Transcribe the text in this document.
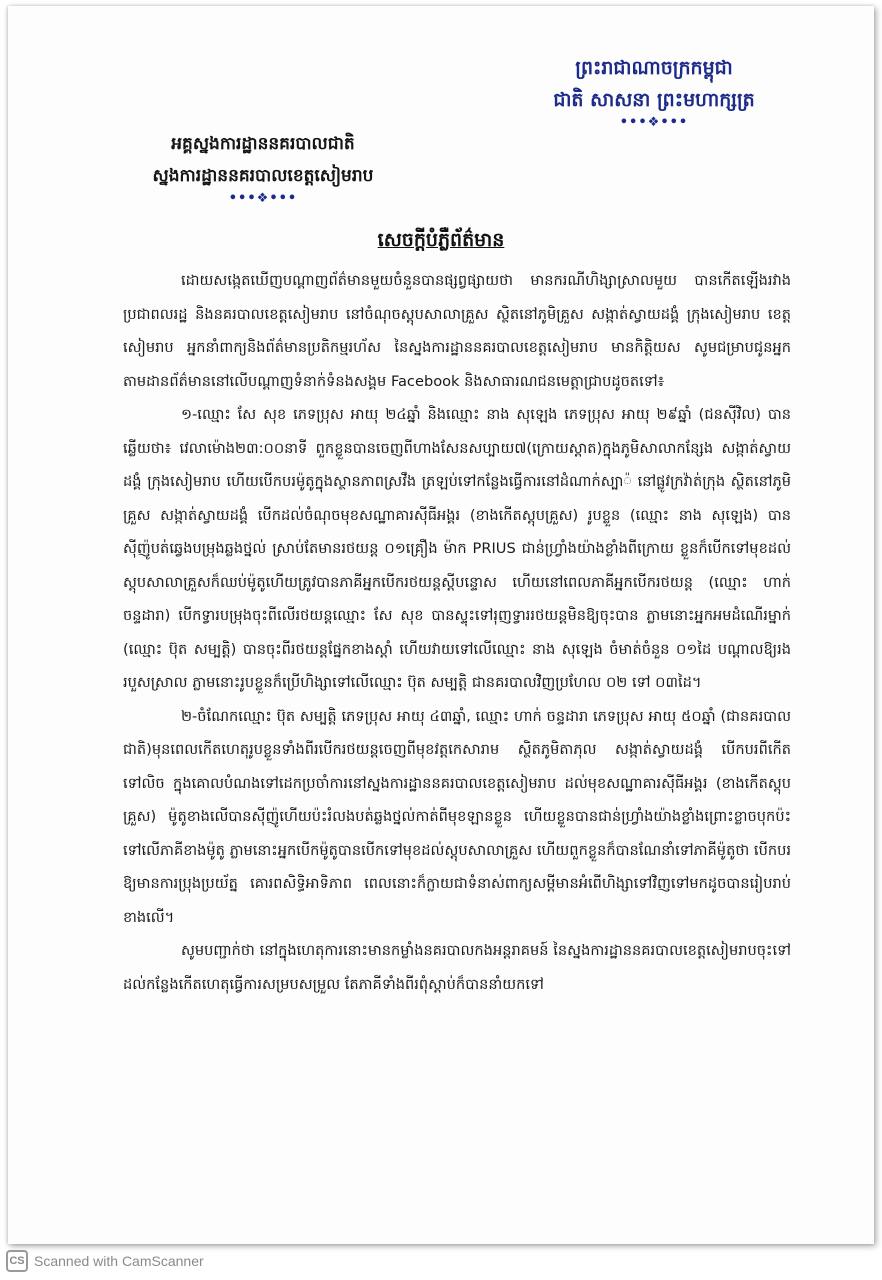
ព្រះរាជាណាចក្រកម្ពុជា
ជាតិ សាសនា ព្រះមហាក្សត្រ
•••❖•••
អគ្គស្នងការដ្ឋាននគរបាលជាតិ
ស្នងការដ្ឋាននគរបាលខេត្តសៀមរាប
•••❖•••
សេចក្ដីបំភ្លឺព័ត៌មាន

ដោយសង្កេតឃើញបណ្ដាញព័ត៌មានមួយចំនួនបានផ្សព្វផ្សាយថា មានករណីហិង្សាស្រាលមួយ បានកើតឡើងរវាងប្រជាពលរដ្ឋ និងនគរបាលខេត្តសៀមរាប នៅចំណុចស្តុបសាលាគ្រួស ស្ថិតនៅភូមិគ្រួស សង្កាត់ស្វាយដង្គំ ក្រុងសៀមរាប ខេត្តសៀមរាប អ្នកនាំពាក្យនិងព័ត៌មានប្រតិកម្មរហ័ស នៃស្នងការដ្ឋាននគរបាលខេត្តសៀមរាប មានកិត្តិយស សូមជម្រាបជូនអ្នកតាមដានព័ត៌មាននៅលើបណ្ដាញទំនាក់ទំនងសង្គម Facebook និងសាធារណជនមេត្តាជ្រាបដូចតទៅ៖

១-ឈ្មោះ សែ សុខ ភេទប្រុស អាយុ ២៤ឆ្នាំ និងឈ្មោះ នាង សុឡេង ភេទប្រុស អាយុ ២៩ឆ្នាំ (ជនស៊ីវិល) បានឆ្លើយថា៖ វេលាម៉ោង២៣:០០នាទី ពួកខ្លួនបានចេញពីហាងសែនសប្បាយ៧(ក្រោយស្តាត)ក្នុងភូមិសាលាកន្សែង សង្កាត់ស្វាយដង្គំ ក្រុងសៀមរាប ហើយបើកបរម៉ូតូក្នុងស្ថានភាពស្រវឹង ត្រឡប់ទៅកន្លែងធ្វើការនៅដំណាក់ស្បា៉ នៅផ្លូវក្រវ៉ាត់ក្រុង ស្ថិតនៅភូមិគ្រួស សង្កាត់ស្វាយដង្គំ បើកដល់ចំណុចមុខសណ្ឋាគារស៊ីធីអង្គរ (ខាងកើតស្តុបគ្រួស) រូបខ្លួន (ឈ្មោះ នាង សុឡេង) បានស៊ីញ៉ូបត់ឆ្វេងបម្រុងឆ្លងថ្នល់ ស្រាប់តែមានរថយន្ត ០១គ្រឿង ម៉ាក PRIUS ជាន់ហ្វ្រាំងយ៉ាងខ្លាំងពីក្រោយ ខ្លួនក៏បើកទៅមុខដល់ស្តុបសាលាគ្រួសក៏ឈប់ម៉ូតូហើយត្រូវបានភាគីអ្នកបើករថយន្តស្តីបន្ទោស ហើយនៅពេលភាគីអ្នកបើករថយន្ត (ឈ្មោះ ហាក់ ចន្ទដារា) បើកទ្វារបម្រុងចុះពីលើរថយន្តឈ្មោះ សែ សុខ បានស្ទុះទៅរុញទ្វាររថយន្តមិនឱ្យចុះបាន ភ្លាមនោះអ្នកអមដំណើរម្នាក់ (ឈ្មោះ ប៊ុត សម្បត្តិ) បានចុះពីរថយន្តផ្នែកខាងស្តាំ ហើយវាយទៅលើឈ្មោះ នាង សុឡេង ចំមាត់ចំនួន ០១ដៃ បណ្ដាលឱ្យរងរបួសស្រាល ភ្លាមនោះរូបខ្លួនក៏ប្រើហិង្សាទៅលើឈ្មោះ ប៊ុត សម្បត្តិ ជានគរបាលវិញប្រហែល ០២ ទៅ ០៣ដៃ។

២-ចំណែកឈ្មោះ ប៊ុត សម្បត្តិ ភេទប្រុស អាយុ ៤៣ឆ្នាំ, ឈ្មោះ ហាក់ ចន្ទដារា ភេទប្រុស អាយុ ៥០ឆ្នាំ (ជានគរបាលជាតិ)មុនពេលកើតហេតុរូបខ្លួនទាំងពីរបើករថយន្តចេញពីមុខវត្តកេសារាម ស្ថិតភូមិតាភុល សង្កាត់ស្វាយដង្គំ បើកបរពីកើត ទៅលិច ក្នុងគោលបំណងទៅដេកប្រចាំការនៅស្នងការដ្ឋាននគរបាលខេត្តសៀមរាប ដល់មុខសណ្ឋាគារស៊ីធីអង្គរ (ខាងកើតស្តុបគ្រួស) ម៉ូតូខាងលើបានស៊ីញ៉ូហើយប៉ះរំលងបត់ឆ្លងថ្នល់កាត់ពីមុខឡានខ្លួន ហើយខ្លួនបានជាន់ហ្វ្រាំងយ៉ាងខ្លាំងព្រោះខ្លាចបុកប៉ះទៅលើភាគីខាងម៉ូតូ ភ្លាមនោះអ្នកបើកម៉ូតូបានបើកទៅមុខដល់ស្តុបសាលាគ្រួស ហើយពួកខ្លួនក៏បានណែនាំទៅភាគីម៉ូតូថា បើកបរឱ្យមានការប្រុងប្រយ័ត្ន គោរពសិទ្ធិអាទិភាព ពេលនោះក៏ក្លាយជាទំនាស់ពាក្យសម្ដីមានអំពើហិង្សាទៅវិញទៅមកដូចបានរៀបរាប់ខាងលើ។

សូមបញ្ជាក់ថា នៅក្នុងហេតុការនោះមានកម្លាំងនគរបាលកងអន្តរាគមន៍ នៃស្នងការដ្ឋាននគរបាលខេត្តសៀមរាបចុះទៅដល់កន្លែងកើតហេតុធ្វើការសម្របសម្រួល តែភាគីទាំងពីរពុំស្តាប់ក៏បាននាំយកទៅ

CS Scanned with CamScanner
